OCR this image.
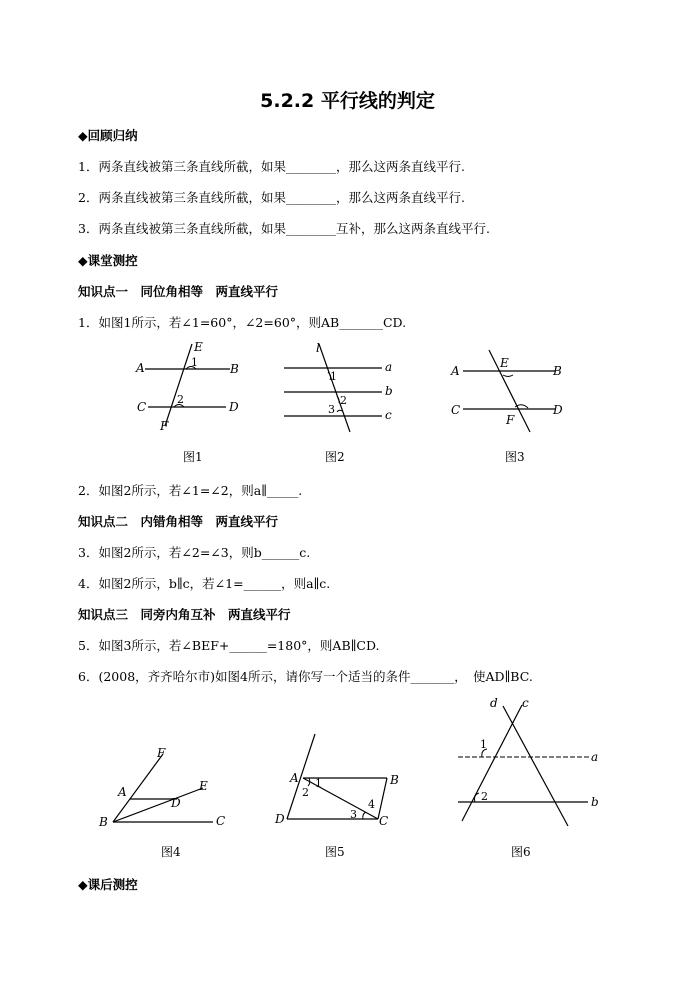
5.2.2 平行线的判定
◆回顾归纳
1．两条直线被第三条直线所截，如果________，那么这两条直线平行.
2．两条直线被第三条直线所截，如果________，那么这两条直线平行.
3．两条直线被第三条直线所截，如果________互补，那么这两条直线平行.
◆课堂测控
知识点一　同位角相等　两直线平行
1．如图1所示，若∠1=60°，∠2=60°，则AB_______CD.
A	B
C	D
E
F
1
2
l
a
b
c
1
2
3
A	B
C	D
E
F
图1	图2	图3
2．如图2所示，若∠1=∠2，则a∥_____.
知识点二　内错角相等　两直线平行
3．如图2所示，若∠2=∠3，则b______c.
4．如图2所示，b∥c，若∠1=______，则a∥c.
知识点三　同旁内角互补　两直线平行
5．如图3所示，若∠BEF+______=180°，则AB∥CD.
6．(2008，齐齐哈尔市)如图4所示，请你写一个适当的条件_______，　使AD∥BC.
F
A	E
D
B	C
A	B
D	C
1
2
3
4
d c
a
b
1
2
图4	图5	图6
◆课后测控
